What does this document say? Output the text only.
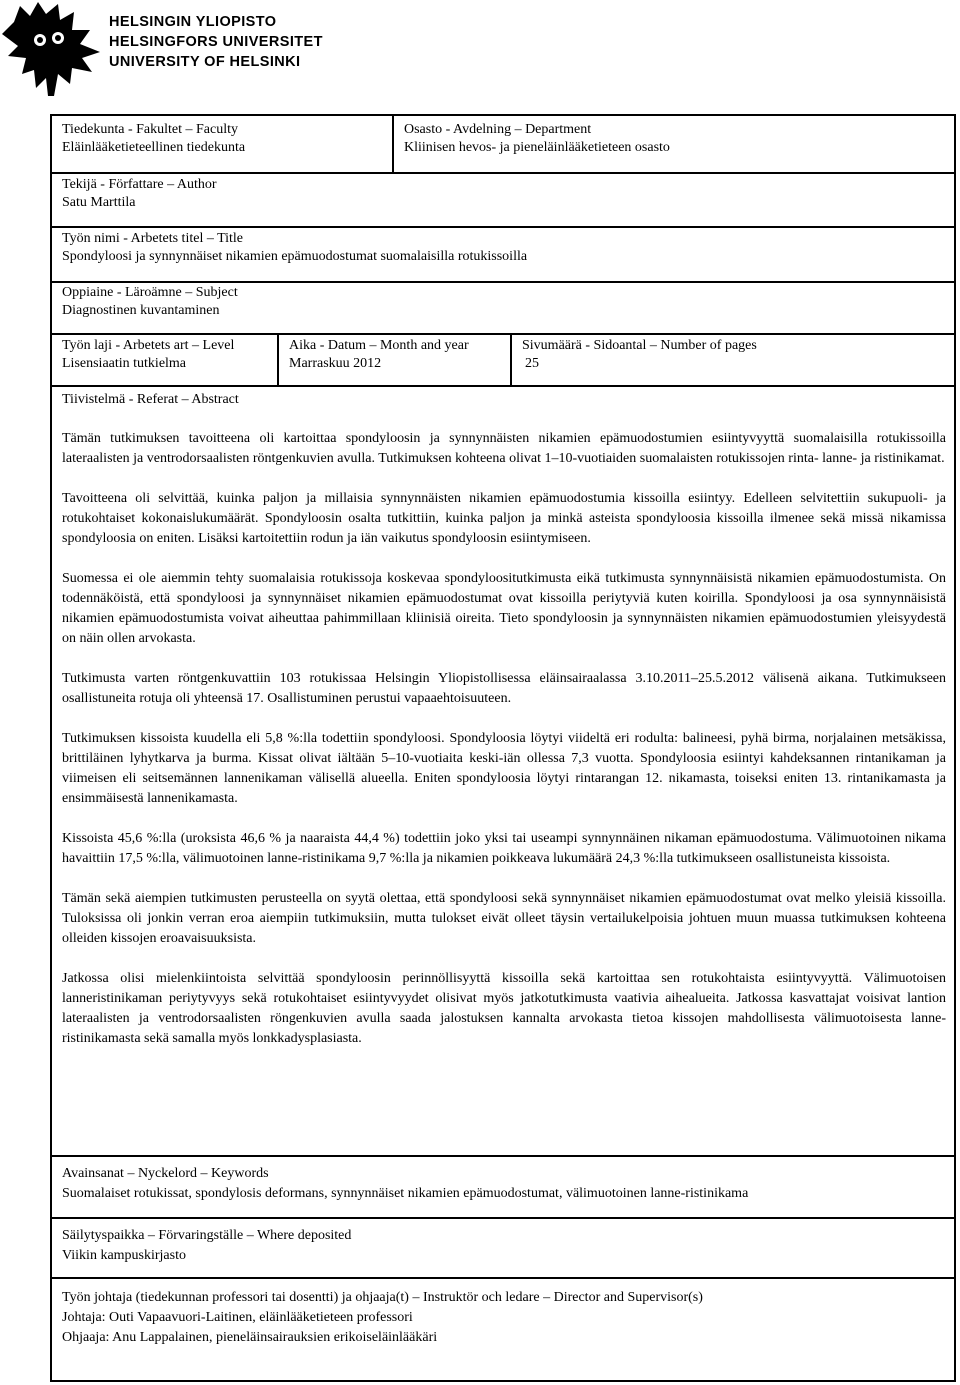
HELSINGIN YLIOPISTO
HELSINGFORS UNIVERSITET
UNIVERSITY OF HELSINKI
Tiedekunta - Fakultet – Faculty
Eläinlääketieteellinen tiedekunta
Osasto - Avdelning – Department
Kliinisen hevos- ja pieneläinlääketieteen osasto
Tekijä - Författare – Author
Satu Marttila
Työn nimi - Arbetets titel – Title
Spondyloosi ja synnynnäiset nikamien epämuodostumat suomalaisilla rotukissoilla
Oppiaine - Läroämne – Subject
Diagnostinen kuvantaminen
Työn laji - Arbetets art – Level
Lisensiaatin tutkielma
Aika - Datum – Month and year
Marraskuu 2012
Sivumäärä - Sidoantal – Number of pages
25
Tiivistelmä - Referat – Abstract

Tämän tutkimuksen tavoitteena oli kartoittaa spondyloosin ja synnynnäisten nikamien epämuodostumien esiintyvyyttä suomalaisilla rotukissoilla lateraalisten ja ventrodorsaalisten röntgenkuvien avulla. Tutkimuksen kohteena olivat 1–10-vuotiaiden suomalaisten rotukissojen rinta- lanne- ja ristinikamat.

Tavoitteena oli selvittää, kuinka paljon ja millaisia synnynnäisten nikamien epämuodostumia kissoilla esiintyy. Edelleen selvitettiin sukupuoli- ja rotukohtaiset kokonaislukumäärät. Spondyloosin osalta tutkittiin, kuinka paljon ja minkä asteista spondyloosia kissoilla ilmenee sekä missä nikamissa spondyloosia on eniten. Lisäksi kartoitettiin rodun ja iän vaikutus spondyloosin esiintymiseen.

Suomessa ei ole aiemmin tehty suomalaisia rotukissoja koskevaa spondyloositutkimusta eikä tutkimusta synnynnäisistä nikamien epämuodostumista. On todennäköistä, että spondyloosi ja synnynnäiset nikamien epämuodostumat ovat kissoilla periytyviä kuten koirilla. Spondyloosi ja osa synnynnäisistä nikamien epämuodostumista voivat aiheuttaa pahimmillaan kliinisiä oireita. Tieto spondyloosin ja synnynnäisten nikamien epämuodostumien yleisyydestä on näin ollen arvokasta.

Tutkimusta varten röntgenkuvattiin 103 rotukissaa Helsingin Yliopistollisessa eläinsairaalassa 3.10.2011–25.5.2012 välisenä aikana. Tutkimukseen osallistuneita rotuja oli yhteensä 17. Osallistuminen perustui vapaaehtoisuuteen.

Tutkimuksen kissoista kuudella eli 5,8 %:lla todettiin spondyloosi. Spondyloosia löytyi viideltä eri rodulta: balineesi, pyhä birma, norjalainen metsäkissa, brittiläinen lyhytkarva ja burma. Kissat olivat iältään 5–10-vuotiaita keski-iän ollessa 7,3 vuotta. Spondyloosia esiintyi kahdeksannen rintanikaman ja viimeisen eli seitsemännen lannenikaman välisellä alueella. Eniten spondyloosia löytyi rintarangan 12. nikamasta, toiseksi eniten 13. rintanikamasta ja ensimmäisestä lannenikamasta.

Kissoista 45,6 %:lla (uroksista 46,6 % ja naaraista 44,4 %) todettiin joko yksi tai useampi synnynnäinen nikaman epämuodostuma. Välimuotoinen nikama havaittiin 17,5 %:lla, välimuotoinen lanne-ristinikama 9,7 %:lla ja nikamien poikkeava lukumäärä 24,3 %:lla tutkimukseen osallistuneista kissoista.

Tämän sekä aiempien tutkimusten perusteella on syytä olettaa, että spondyloosi sekä synnynnäiset nikamien epämuodostumat ovat melko yleisiä kissoilla. Tuloksissa oli jonkin verran eroa aiempiin tutkimuksiin, mutta tulokset eivät olleet täysin vertailukelpoisia johtuen muun muassa tutkimuksen kohteena olleiden kissojen eroavaisuuksista.

Jatkossa olisi mielenkiintoista selvittää spondyloosin perinnöllisyyttä kissoilla sekä kartoittaa sen rotukohtaista esiintyvyyttä. Välimuotoisen lanneristinikaman periytyvyys sekä rotukohtaiset esiintyvyydet olisivat myös jatkotutkimusta vaativia aihealueita. Jatkossa kasvattajat voisivat lantion lateraalisten ja ventrodorsaalisten röngenkuvien avulla saada jalostuksen kannalta arvokasta tietoa kissojen mahdollisesta välimuotoisesta lanne-ristinikamasta sekä samalla myös lonkkadysplasiasta.

Avainsanat – Nyckelord – Keywords
Suomalaiset rotukissat, spondylosis deformans, synnynnäiset nikamien epämuodostumat, välimuotoinen lanne-ristinikama
Säilytyspaikka – Förvaringställe – Where deposited
Viikin kampuskirjasto
Työn johtaja (tiedekunnan professori tai dosentti) ja ohjaaja(t) – Instruktör och ledare – Director and Supervisor(s)
Johtaja: Outi Vapaavuori-Laitinen, eläinlääketieteen professori
Ohjaaja: Anu Lappalainen, pieneläinsairauksien erikoiseläinlääkäri
